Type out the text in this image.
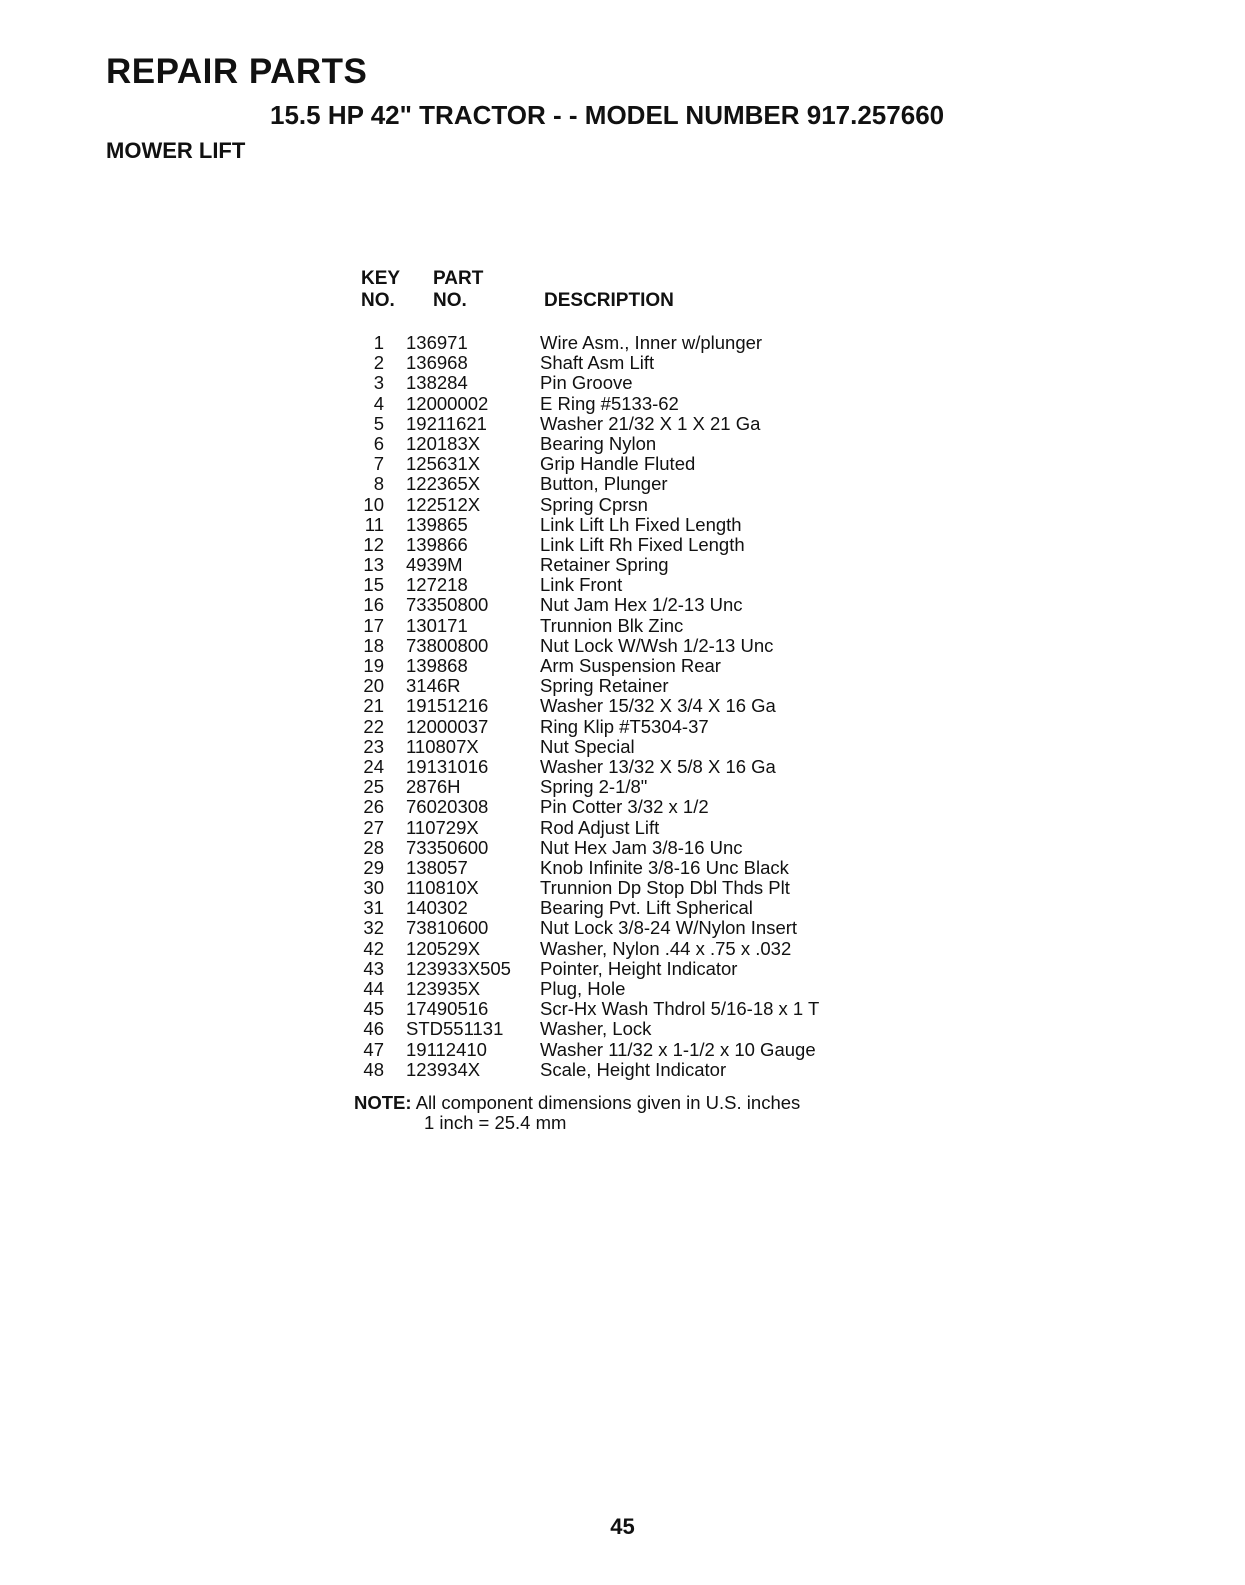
REPAIR PARTS
15.5 HP 42" TRACTOR - - MODEL NUMBER 917.257660
MOWER LIFT
KEY
NO.
PART
NO.	DESCRIPTION
1 136971	Wire Asm., Inner w/plunger
2 136968	Shaft Asm Lift
3 138284	Pin Groove
4 12000002	E Ring #5133-62
5 19211621	Washer 21/32 X 1 X 21 Ga
6 120183X	Bearing Nylon
7 125631X	Grip Handle Fluted
8 122365X	Button, Plunger
10 122512X	Spring Cprsn
11 139865	Link Lift Lh Fixed Length
12 139866	Link Lift Rh Fixed Length
13 4939M	Retainer Spring
15 127218	Link Front
16 73350800	Nut Jam Hex 1/2-13 Unc
17 130171	Trunnion Blk Zinc
18 73800800	Nut Lock W/Wsh 1/2-13 Unc
19 139868	Arm Suspension Rear
20 3146R	Spring Retainer
21 19151216	Washer 15/32 X 3/4 X 16 Ga
22 12000037	Ring Klip #T5304-37
23 110807X	Nut Special
24 19131016	Washer 13/32 X 5/8 X 16 Ga
25 2876H	Spring 2-1/8"
26 76020308	Pin Cotter 3/32 x 1/2
27 110729X	Rod Adjust Lift
28 73350600	Nut Hex Jam 3/8-16 Unc
29 138057	Knob Infinite 3/8-16 Unc Black
30 110810X	Trunnion Dp Stop Dbl Thds Plt
31 140302	Bearing Pvt. Lift Spherical
32 73810600	Nut Lock 3/8-24 W/Nylon Insert
42 120529X	Washer, Nylon .44 x .75 x .032
43 123933X505 Pointer, Height Indicator
44 123935X	Plug, Hole
45 17490516	Scr-Hx Wash Thdrol 5/16-18 x 1 T
46 STD551131 Washer, Lock
47 19112410	Washer 11/32 x 1-1/2 x 10 Gauge
48 123934X	Scale, Height Indicator
NOTE: All component dimensions given in U.S. inches
1 inch = 25.4 mm
45
